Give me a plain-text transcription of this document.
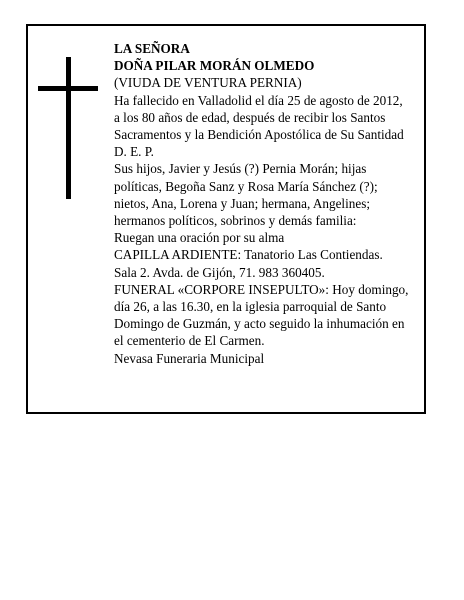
LA SEÑORA
DOÑA PILAR MORÁN OLMEDO
(VIUDA DE VENTURA PERNIA)
Ha fallecido en Valladolid el día 25 de agosto de 2012,
a los 80 años de edad, después de recibir los Santos
Sacramentos y la Bendición Apostólica de Su Santidad
D. E. P.
Sus hijos, Javier y Jesús (?) Pernia Morán; hijas
políticas, Begoña Sanz y Rosa María Sánchez (?);
nietos, Ana, Lorena y Juan; hermana, Angelines;
hermanos políticos, sobrinos y demás familia:
Ruegan una oración por su alma
CAPILLA ARDIENTE: Tanatorio Las Contiendas.
Sala 2. Avda. de Gijón, 71. 983 360405.
FUNERAL «CORPORE INSEPULTO»: Hoy domingo,
día 26, a las 16.30, en la iglesia parroquial de Santo
Domingo de Guzmán, y acto seguido la inhumación en
el cementerio de El Carmen.
Nevasa Funeraria Municipal
